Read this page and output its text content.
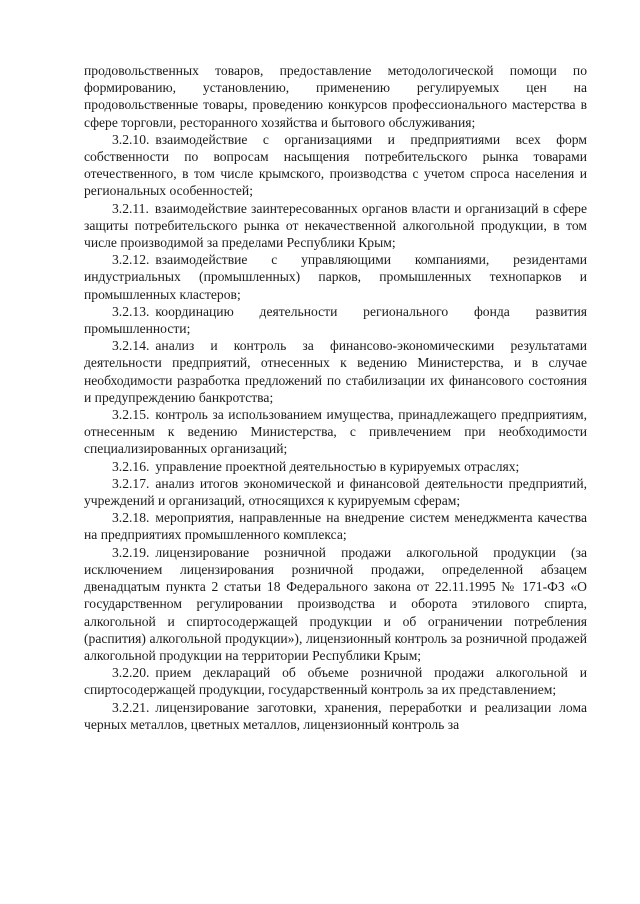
продовольственных товаров, предоставление методологической помощи по формированию, установлению, применению регулируемых цен на продовольственные товары, проведению конкурсов профессионального мастерства в сфере торговли, ресторанного хозяйства и бытового обслуживания;

3.2.10. взаимодействие с организациями и предприятиями всех форм собственности по вопросам насыщения потребительского рынка товарами отечественного, в том числе крымского, производства с учетом спроса населения и региональных особенностей;

3.2.11. взаимодействие заинтересованных органов власти и организаций в сфере защиты потребительского рынка от некачественной алкогольной продукции, в том числе производимой за пределами Республики Крым;

3.2.12. взаимодействие с управляющими компаниями, резидентами индустриальных (промышленных) парков, промышленных технопарков и промышленных кластеров;

3.2.13. координацию деятельности регионального фонда развития промышленности;

3.2.14. анализ и контроль за финансово-экономическими результатами деятельности предприятий, отнесенных к ведению Министерства, и в случае необходимости разработка предложений по стабилизации их финансового состояния и предупреждению банкротства;

3.2.15. контроль за использованием имущества, принадлежащего предприятиям, отнесенным к ведению Министерства, с привлечением при необходимости специализированных организаций;

3.2.16. управление проектной деятельностью в курируемых отраслях;

3.2.17. анализ итогов экономической и финансовой деятельности предприятий, учреждений и организаций, относящихся к курируемым сферам;

3.2.18. мероприятия, направленные на внедрение систем менеджмента качества на предприятиях промышленного комплекса;

3.2.19. лицензирование розничной продажи алкогольной продукции (за исключением лицензирования розничной продажи, определенной абзацем двенадцатым пункта 2 статьи 18 Федерального закона от 22.11.1995 № 171-ФЗ «О государственном регулировании производства и оборота этилового спирта, алкогольной и спиртосодержащей продукции и об ограничении потребления (распития) алкогольной продукции»), лицензионный контроль за розничной продажей алкогольной продукции на территории Республики Крым;

3.2.20. прием деклараций об объеме розничной продажи алкогольной и спиртосодержащей продукции, государственный контроль за их представлением;

3.2.21. лицензирование заготовки, хранения, переработки и реализации лома черных металлов, цветных металлов, лицензионный контроль за
